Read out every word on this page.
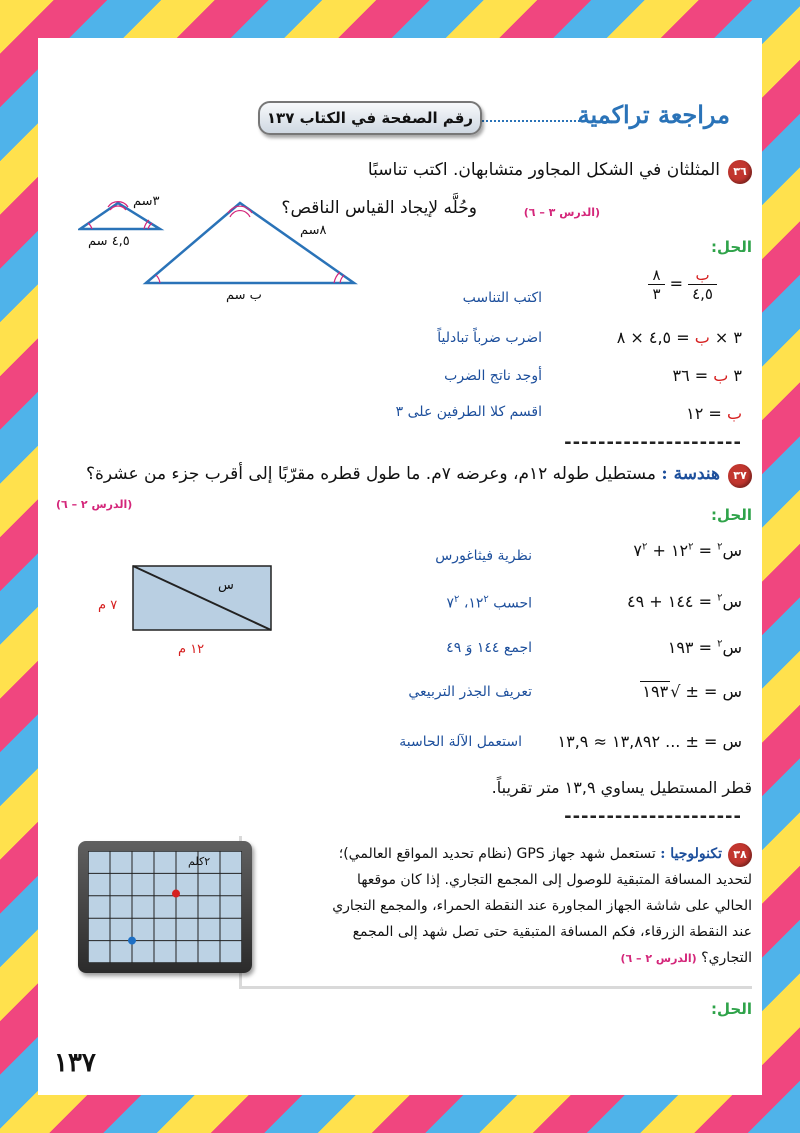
مراجعة تراكمية
رقم الصفحة في الكتاب ١٣٧
٣٦
المثلثان في الشكل المجاور متشابهان. اكتب تناسبًا
وحُلَّه لإيجاد القياس الناقص؟	(الدرس ٣ – ٦)
٣سم
٤,٥ سم
٨سم
ب سم
الحل:
$\frac{\text{ب}}{٤,٥}$
=
$\frac{٨}{٣}$
اكتب التناسب
٣ × ب = ٤,٥ × ٨
اضرب ضرباً تبادلياً
٣ ب = ٣٦
أوجد ناتج الضرب
ب = ١٢
اقسم كلا الطرفين على ٣
---------------------
٣٧
هندسة : مستطيل طوله ١٢م، وعرضه ٧م. ما طول قطره مقرّبًا إلى أقرب جزء من عشرة؟
(الدرس ٢ – ٦)
الحل:
س
٧ م
١٢ م
س$^٢$ = $١٢^٢$ + $٧^٢$
نظرية فيثاغورس
س$^٢$ = ١٤٤ + ٤٩
احسب $١٢^٢،$ $٧^٢$
س$^٢$ = ١٩٣
اجمع ١٤٤ وَ ٤٩
س = ± √١٩٣
تعريف الجذر التربيعي
س = ± ... ١٣,٨٩٢ ≈ ١٣,٩
استعمل الآلة الحاسبة
قطر المستطيل يساوي ١٣,٩ متر تقريباً.
---------------------
٣٨
تكنولوجيا : تستعمل شهد جهاز GPS (نظام تحديد المواقع العالمي)؛
لتحديد المسافة المتبقية للوصول إلى المجمع التجاري. إذا كان موقعها
الحالي على شاشة الجهاز المجاورة عند النقطة الحمراء، والمجمع التجاري
عند النقطة الزرقاء، فكم المسافة المتبقية حتى تصل شهد إلى المجمع
التجاري؟ (الدرس ٢ – ٦)
٢كلم
الحل:
١٣٧
